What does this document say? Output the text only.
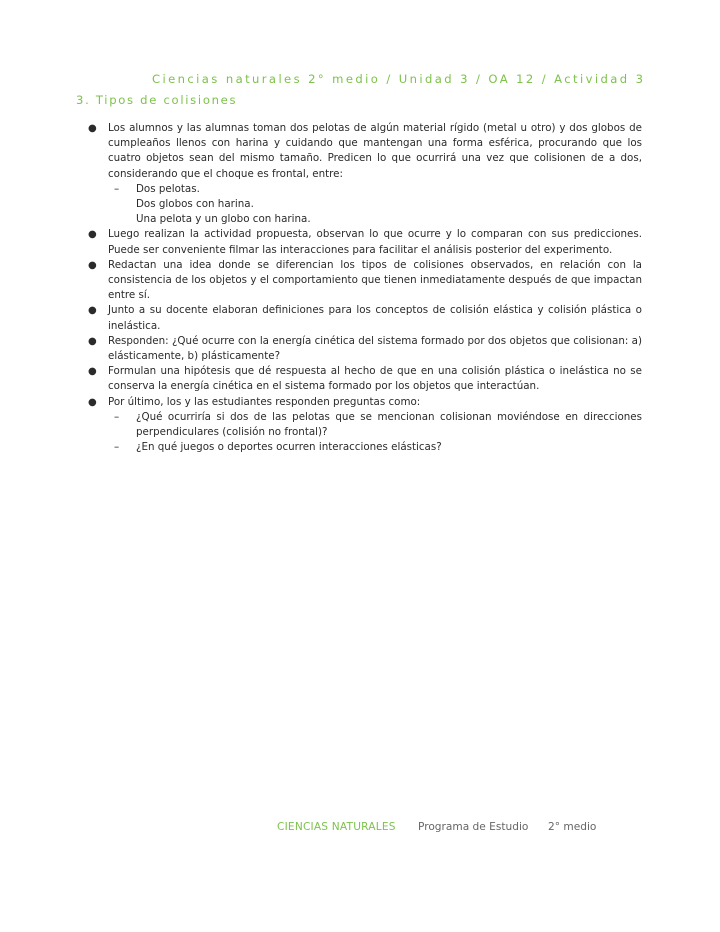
Ciencias naturales 2° medio / Unidad 3 / OA 12 / Actividad 3
3. Tipos de colisiones
● Los alumnos y las alumnas toman dos pelotas de algún material rígido (metal u otro) y dos globos de cumpleaños llenos con harina y cuidando que mantengan una forma esférica, procurando que los cuatro objetos sean del mismo tamaño. Predicen lo que ocurrirá una vez que colisionen de a dos, considerando que el choque es frontal, entre:
– Dos pelotas.
Dos globos con harina.
Una pelota y un globo con harina.
● Luego realizan la actividad propuesta, observan lo que ocurre y lo comparan con sus predicciones. Puede ser conveniente filmar las interacciones para facilitar el análisis posterior del experimento.
● Redactan una idea donde se diferencian los tipos de colisiones observados, en relación con la consistencia de los objetos y el comportamiento que tienen inmediatamente después de que impactan entre sí.
● Junto a su docente elaboran definiciones para los conceptos de colisión elástica y colisión plástica o inelástica.
● Responden: ¿Qué ocurre con la energía cinética del sistema formado por dos objetos que colisionan: a) elásticamente, b) plásticamente?
● Formulan una hipótesis que dé respuesta al hecho de que en una colisión plástica o inelástica no se conserva la energía cinética en el sistema formado por los objetos que interactúan.
● Por último, los y las estudiantes responden preguntas como:
– ¿Qué ocurriría si dos de las pelotas que se mencionan colisionan moviéndose en direcciones perpendiculares (colisión no frontal)?
– ¿En qué juegos o deportes ocurren interacciones elásticas?
CIENCIAS NATURALES Programa de Estudio 2° medio
